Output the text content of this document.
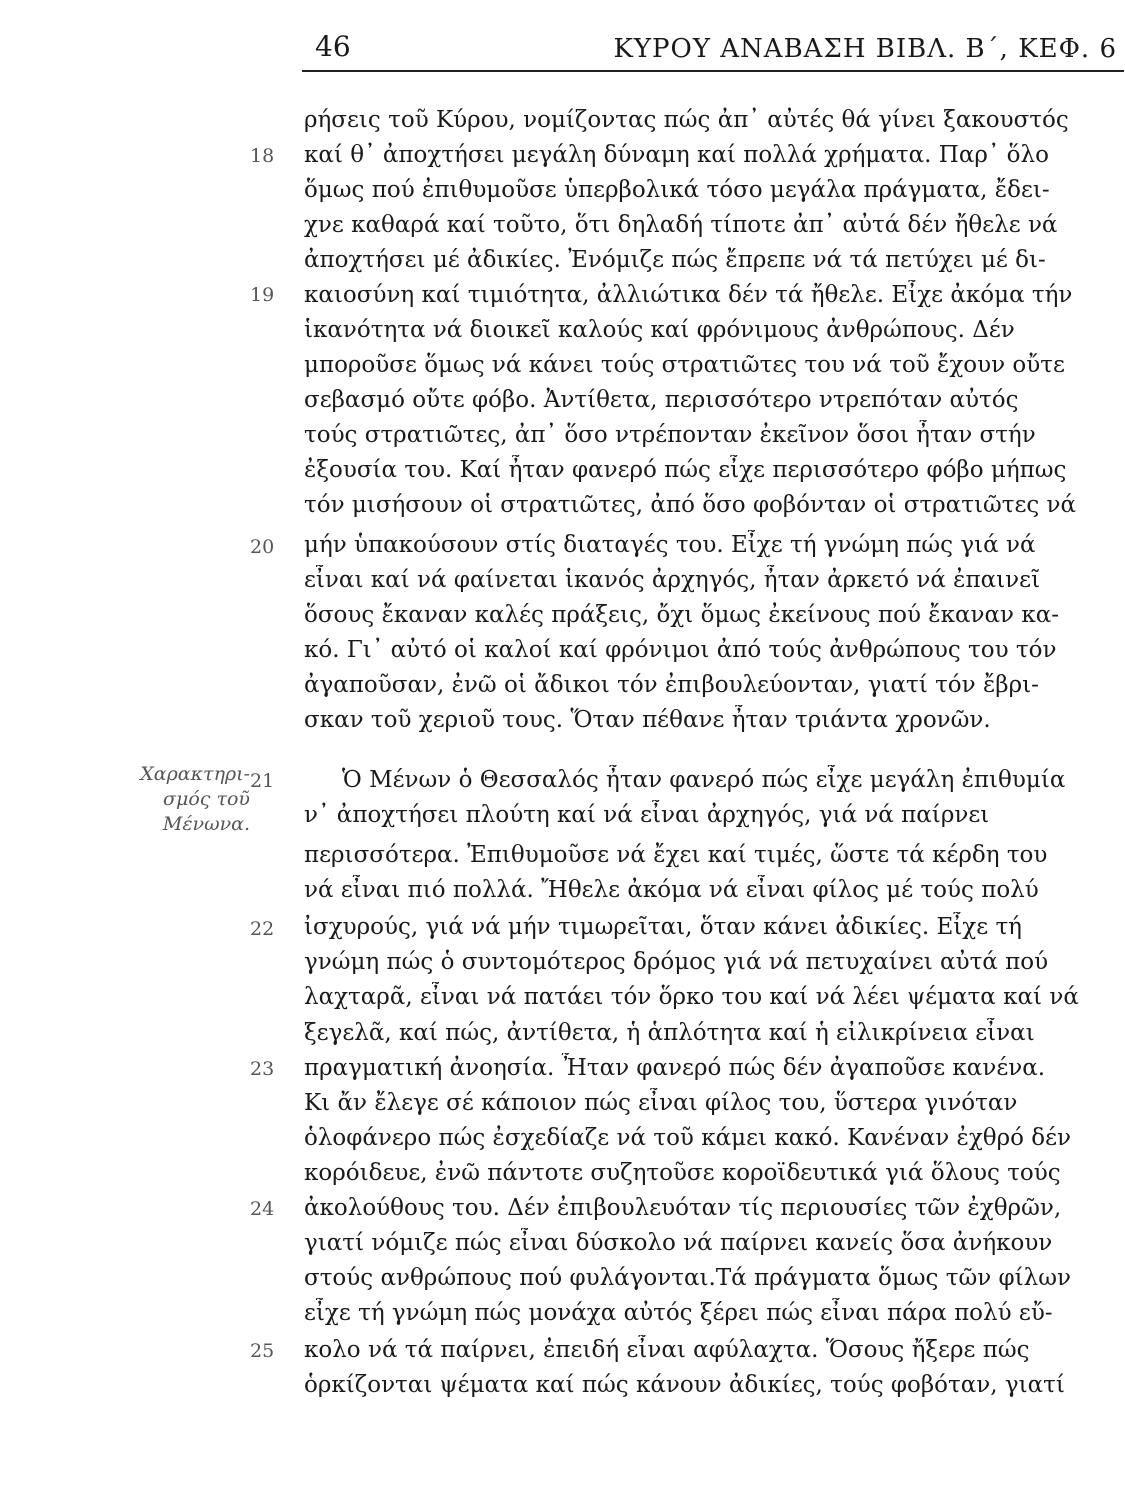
46	ΚΥΡΟΥ ΑΝΑΒΑΣΗ ΒΙΒΛ. Β΄, ΚΕΦ. 6
Χαρακτηρι-
σμός τοῦ
Μένωνα.
18
19
20
21
22
23
24
25
ρήσεις τοῦ Κύρου, νομίζοντας πώς ἀπ᾽ αὐτές θά γίνει ξακουστός
καί θ᾽ ἀποχτήσει μεγάλη δύναμη καί πολλά χρήματα. Παρ᾽ ὅλο
ὅμως πού ἐπιθυμοῦσε ὑπερβολικά τόσο μεγάλα πράγματα, ἔδει-
χνε καθαρά καί τοῦτο, ὅτι δηλαδή τίποτε ἀπ᾽ αὐτά δέν ἤθελε νά
ἀποχτήσει μέ ἀδικίες. Ἐνόμιζε πώς ἔπρεπε νά τά πετύχει μέ δι-
καιοσύνη καί τιμιότητα, ἀλλιώτικα δέν τά ἤθελε. Εἶχε ἀκόμα τήν
ἱκανότητα νά διοικεῖ καλούς καί φρόνιμους ἀνθρώπους. Δέν
μποροῦσε ὅμως νά κάνει τούς στρατιῶτες του νά τοῦ ἔχουν οὔτε
σεβασμό οὔτε φόβο. Ἀντίθετα, περισσότερο ντρεπόταν αὐτός
τούς στρατιῶτες, ἀπ᾽ ὅσο ντρέπονταν ἐκεῖνον ὅσοι ἦταν στήν
ἐξουσία του. Καί ἦταν φανερό πώς εἶχε περισσότερο φόβο μήπως
τόν μισήσουν οἱ στρατιῶτες, ἀπό ὅσο φοβόνταν οἱ στρατιῶτες νά
μήν ὑπακούσουν στίς διαταγές του. Εἶχε τή γνώμη πώς γιά νά
εἶναι καί νά φαίνεται ἱκανός ἀρχηγός, ἦταν ἀρκετό νά ἐπαινεῖ
ὅσους ἔκαναν καλές πράξεις, ὄχι ὅμως ἐκείνους πού ἔκαναν κα-
κό. Γι᾽ αὐτό οἱ καλοί καί φρόνιμοι ἀπό τούς ἀνθρώπους του τόν
ἀγαποῦσαν, ἐνῶ οἱ ἄδικοι τόν ἐπιβουλεύονταν, γιατί τόν ἔβρι-
σκαν τοῦ χεριοῦ τους. Ὅταν πέθανε ἦταν τριάντα χρονῶν.
Ὁ Μένων ὁ Θεσσαλός ἦταν φανερό πώς εἶχε μεγάλη ἐπιθυμία
ν᾽ ἀποχτήσει πλούτη καί νά εἶναι ἀρχηγός, γιά νά παίρνει
περισσότερα. Ἐπιθυμοῦσε νά ἔχει καί τιμές, ὥστε τά κέρδη του
νά εἶναι πιό πολλά. Ἤθελε ἀκόμα νά εἶναι φίλος μέ τούς πολύ
ἰσχυρούς, γιά νά μήν τιμωρεῖται, ὅταν κάνει ἀδικίες. Εἶχε τή
γνώμη πώς ὁ συντομότερος δρόμος γιά νά πετυχαίνει αὐτά πού
λαχταρᾶ, εἶναι νά πατάει τόν ὅρκο του καί νά λέει ψέματα καί νά
ξεγελᾶ, καί πώς, ἀντίθετα, ἡ ἁπλότητα καί ἡ εἰλικρίνεια εἶναι
πραγματική ἀνοησία. Ἦταν φανερό πώς δέν ἀγαποῦσε κανένα.
Κι ἄν ἔλεγε σέ κάποιον πώς εἶναι φίλος του, ὕστερα γινόταν
ὁλοφάνερο πώς ἐσχεδίαζε νά τοῦ κάμει κακό. Κανέναν ἐχθρό δέν
κορόιδευε, ἐνῶ πάντοτε συζητοῦσε κοροϊδευτικά γιά ὅλους τούς
ἀκολούθους του. Δέν ἐπιβουλευόταν τίς περιουσίες τῶν ἐχθρῶν,
γιατί νόμιζε πώς εἶναι δύσκολο νά παίρνει κανείς ὅσα ἀνήκουν
στούς ανθρώπους πού φυλάγονται.Τά πράγματα ὅμως τῶν φίλων
εἶχε τή γνώμη πώς μονάχα αὐτός ξέρει πώς εἶναι πάρα πολύ εὔ-
κολο νά τά παίρνει, ἐπειδή εἶναι αφύλαχτα. Ὅσους ἤξερε πώς
ὁρκίζονται ψέματα καί πώς κάνουν ἀδικίες, τούς φοβόταν, γιατί
